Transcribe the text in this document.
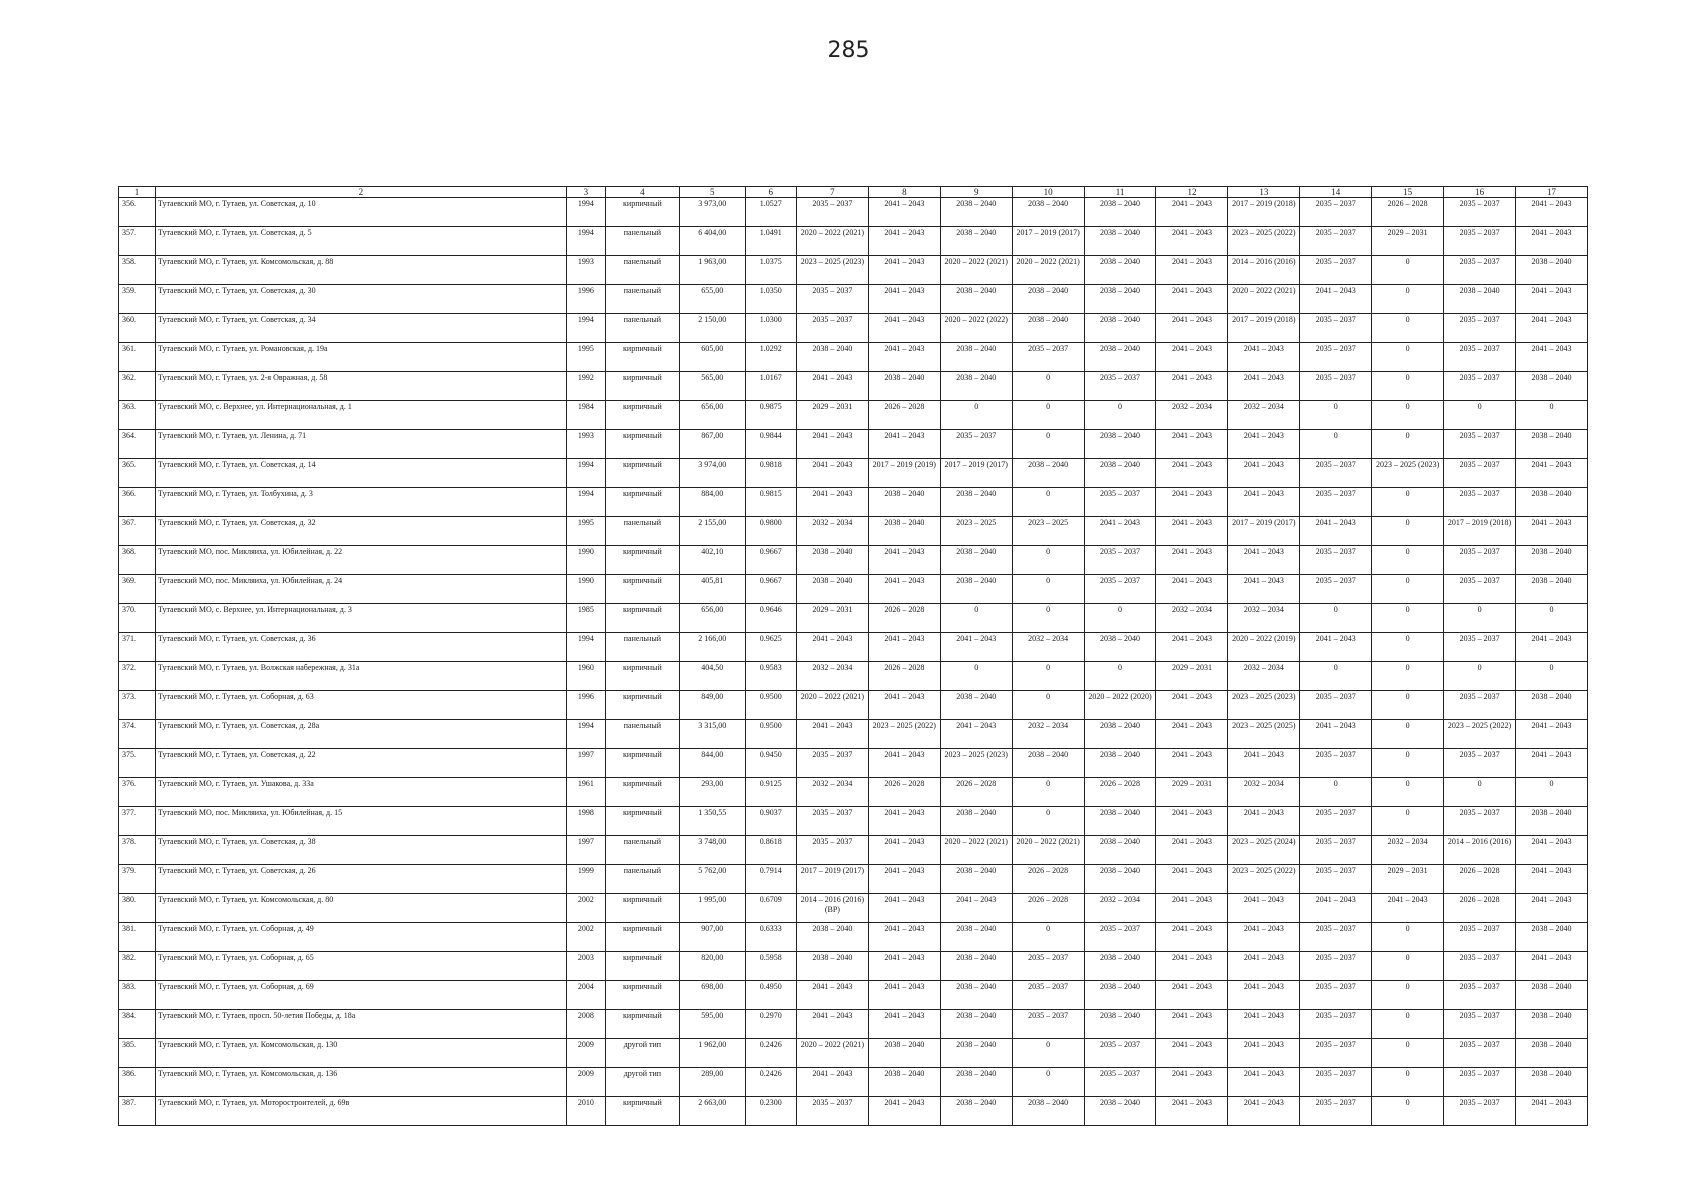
285
1	2	3	4	5	6	7	8	9	10	11	12	13	14	15	16	17
356.	Тутаевский МО, г. Тутаев, ул. Советская, д. 10	1994	кирпичный	3 973,00	1.0527	2035 – 2037	2041 – 2043	2038 – 2040	2038 – 2040	2038 – 2040	2041 – 2043	2017 – 2019 (2018)	2035 – 2037	2026 – 2028	2035 – 2037	2041 – 2043
357.	Тутаевский МО, г. Тутаев, ул. Советская, д. 5	1994	панельный	6 404,00	1.0491	2020 – 2022 (2021)	2041 – 2043	2038 – 2040	2017 – 2019 (2017)	2038 – 2040	2041 – 2043	2023 – 2025 (2022)	2035 – 2037	2029 – 2031	2035 – 2037	2041 – 2043
358.	Тутаевский МО, г. Тутаев, ул. Комсомольская, д. 88	1993	панельный	1 963,00	1.0375	2023 – 2025 (2023)	2041 – 2043	2020 – 2022 (2021)	2020 – 2022 (2021)	2038 – 2040	2041 – 2043	2014 – 2016 (2016)	2035 – 2037	0	2035 – 2037	2038 – 2040
359.	Тутаевский МО, г. Тутаев, ул. Советская, д. 30	1996	панельный	655,00	1.0350	2035 – 2037	2041 – 2043	2038 – 2040	2038 – 2040	2038 – 2040	2041 – 2043	2020 – 2022 (2021)	2041 – 2043	0	2038 – 2040	2041 – 2043
360.	Тутаевский МО, г. Тутаев, ул. Советская, д. 34	1994	панельный	2 150,00	1.0300	2035 – 2037	2041 – 2043	2020 – 2022 (2022)	2038 – 2040	2038 – 2040	2041 – 2043	2017 – 2019 (2018)	2035 – 2037	0	2035 – 2037	2041 – 2043
361.	Тутаевский МО, г. Тутаев, ул. Романовская, д. 19а	1995	кирпичный	605,00	1.0292	2038 – 2040	2041 – 2043	2038 – 2040	2035 – 2037	2038 – 2040	2041 – 2043	2041 – 2043	2035 – 2037	0	2035 – 2037	2041 – 2043
362.	Тутаевский МО, г. Тутаев, ул. 2-я Овражная, д. 58	1992	кирпичный	565,00	1.0167	2041 – 2043	2038 – 2040	2038 – 2040	0	2035 – 2037	2041 – 2043	2041 – 2043	2035 – 2037	0	2035 – 2037	2038 – 2040
363.	Тутаевский МО, с. Верхнее, ул. Интернациональная, д. 1	1984	кирпичный	656,00	0.9875	2029 – 2031	2026 – 2028	0	0	0	2032 – 2034	2032 – 2034	0	0	0	0
364.	Тутаевский МО, г. Тутаев, ул. Ленина, д. 71	1993	кирпичный	867,00	0.9844	2041 – 2043	2041 – 2043	2035 – 2037	0	2038 – 2040	2041 – 2043	2041 – 2043	0	0	2035 – 2037	2038 – 2040
365.	Тутаевский МО, г. Тутаев, ул. Советская, д. 14	1994	кирпичный	3 974,00	0.9818	2041 – 2043	2017 – 2019 (2019)	2017 – 2019 (2017)	2038 – 2040	2038 – 2040	2041 – 2043	2041 – 2043	2035 – 2037	2023 – 2025 (2023)	2035 – 2037	2041 – 2043
366.	Тутаевский МО, г. Тутаев, ул. Толбухина, д. 3	1994	кирпичный	884,00	0.9815	2041 – 2043	2038 – 2040	2038 – 2040	0	2035 – 2037	2041 – 2043	2041 – 2043	2035 – 2037	0	2035 – 2037	2038 – 2040
367.	Тутаевский МО, г. Тутаев, ул. Советская, д. 32	1995	панельный	2 155,00	0.9800	2032 – 2034	2038 – 2040	2023 – 2025	2023 – 2025	2041 – 2043	2041 – 2043	2017 – 2019 (2017)	2041 – 2043	0	2017 – 2019 (2018)	2041 – 2043
368.	Тутаевский МО, пос. Микляиха, ул. Юбилейная, д. 22	1990	кирпичный	402,10	0.9667	2038 – 2040	2041 – 2043	2038 – 2040	0	2035 – 2037	2041 – 2043	2041 – 2043	2035 – 2037	0	2035 – 2037	2038 – 2040
369.	Тутаевский МО, пос. Микляиха, ул. Юбилейная, д. 24	1990	кирпичный	405,81	0.9667	2038 – 2040	2041 – 2043	2038 – 2040	0	2035 – 2037	2041 – 2043	2041 – 2043	2035 – 2037	0	2035 – 2037	2038 – 2040
370.	Тутаевский МО, с. Верхнее, ул. Интернациональная, д. 3	1985	кирпичный	656,00	0.9646	2029 – 2031	2026 – 2028	0	0	0	2032 – 2034	2032 – 2034	0	0	0	0
371.	Тутаевский МО, г. Тутаев, ул. Советская, д. 36	1994	панельный	2 166,00	0.9625	2041 – 2043	2041 – 2043	2041 – 2043	2032 – 2034	2038 – 2040	2041 – 2043	2020 – 2022 (2019)	2041 – 2043	0	2035 – 2037	2041 – 2043
372.	Тутаевский МО, г. Тутаев, ул. Волжская набережная, д. 31а	1960	кирпичный	404,50	0.9583	2032 – 2034	2026 – 2028	0	0	0	2029 – 2031	2032 – 2034	0	0	0	0
373.	Тутаевский МО, г. Тутаев, ул. Соборная, д. 63	1996	кирпичный	849,00	0.9500	2020 – 2022 (2021)	2041 – 2043	2038 – 2040	0	2020 – 2022 (2020)	2041 – 2043	2023 – 2025 (2023)	2035 – 2037	0	2035 – 2037	2038 – 2040
374.	Тутаевский МО, г. Тутаев, ул. Советская, д. 28а	1994	панельный	3 315,00	0.9500	2041 – 2043	2023 – 2025 (2022)	2041 – 2043	2032 – 2034	2038 – 2040	2041 – 2043	2023 – 2025 (2025)	2041 – 2043	0	2023 – 2025 (2022)	2041 – 2043
375.	Тутаевский МО, г. Тутаев, ул. Советская, д. 22	1997	кирпичный	844,00	0.9450	2035 – 2037	2041 – 2043	2023 – 2025 (2023)	2038 – 2040	2038 – 2040	2041 – 2043	2041 – 2043	2035 – 2037	0	2035 – 2037	2041 – 2043
376.	Тутаевский МО, г. Тутаев, ул. Ушакова, д. 33а	1961	кирпичный	293,00	0.9125	2032 – 2034	2026 – 2028	2026 – 2028	0	2026 – 2028	2029 – 2031	2032 – 2034	0	0	0	0
377.	Тутаевский МО, пос. Микляиха, ул. Юбилейная, д. 15	1998	кирпичный	1 350,55	0.9037	2035 – 2037	2041 – 2043	2038 – 2040	0	2038 – 2040	2041 – 2043	2041 – 2043	2035 – 2037	0	2035 – 2037	2038 – 2040
378.	Тутаевский МО, г. Тутаев, ул. Советская, д. 38	1997	панельный	3 748,00	0.8618	2035 – 2037	2041 – 2043	2020 – 2022 (2021)	2020 – 2022 (2021)	2038 – 2040	2041 – 2043	2023 – 2025 (2024)	2035 – 2037	2032 – 2034	2014 – 2016 (2016)	2041 – 2043
379.	Тутаевский МО, г. Тутаев, ул. Советская, д. 26	1999	панельный	5 762,00	0.7914	2017 – 2019 (2017)	2041 – 2043	2038 – 2040	2026 – 2028	2038 – 2040	2041 – 2043	2023 – 2025 (2022)	2035 – 2037	2029 – 2031	2026 – 2028	2041 – 2043
380.	Тутаевский МО, г. Тутаев, ул. Комсомольская, д. 80	2002	кирпичный	1 995,00	0.6709	2014 – 2016 (2016) (ВР)	2041 – 2043	2041 – 2043	2026 – 2028	2032 – 2034	2041 – 2043	2041 – 2043	2041 – 2043	2041 – 2043	2026 – 2028	2041 – 2043
381.	Тутаевский МО, г. Тутаев, ул. Соборная, д. 49	2002	кирпичный	907,00	0.6333	2038 – 2040	2041 – 2043	2038 – 2040	0	2035 – 2037	2041 – 2043	2041 – 2043	2035 – 2037	0	2035 – 2037	2038 – 2040
382.	Тутаевский МО, г. Тутаев, ул. Соборная, д. 65	2003	кирпичный	820,00	0.5958	2038 – 2040	2041 – 2043	2038 – 2040	2035 – 2037	2038 – 2040	2041 – 2043	2041 – 2043	2035 – 2037	0	2035 – 2037	2041 – 2043
383.	Тутаевский МО, г. Тутаев, ул. Соборная, д. 69	2004	кирпичный	698,00	0.4950	2041 – 2043	2041 – 2043	2038 – 2040	2035 – 2037	2038 – 2040	2041 – 2043	2041 – 2043	2035 – 2037	0	2035 – 2037	2038 – 2040
384.	Тутаевский МО, г. Тутаев, просп. 50-летия Победы, д. 18а	2008	кирпичный	595,00	0.2970	2041 – 2043	2041 – 2043	2038 – 2040	2035 – 2037	2038 – 2040	2041 – 2043	2041 – 2043	2035 – 2037	0	2035 – 2037	2038 – 2040
385.	Тутаевский МО, г. Тутаев, ул. Комсомольская, д. 130	2009	другой тип	1 962,00	0.2426	2020 – 2022 (2021)	2038 – 2040	2038 – 2040	0	2035 – 2037	2041 – 2043	2041 – 2043	2035 – 2037	0	2035 – 2037	2038 – 2040
386.	Тутаевский МО, г. Тутаев, ул. Комсомольская, д. 136	2009	другой тип	289,00	0.2426	2041 – 2043	2038 – 2040	2038 – 2040	0	2035 – 2037	2041 – 2043	2041 – 2043	2035 – 2037	0	2035 – 2037	2038 – 2040
387.	Тутаевский МО, г. Тутаев, ул. Моторостроителей, д. 69в	2010	кирпичный	2 663,00	0.2300	2035 – 2037	2041 – 2043	2038 – 2040	2038 – 2040	2038 – 2040	2041 – 2043	2041 – 2043	2035 – 2037	0	2035 – 2037	2041 – 2043
